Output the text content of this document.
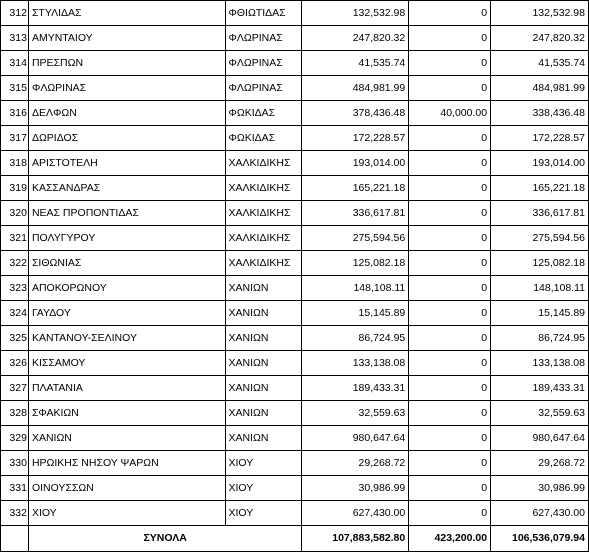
312	ΣΤΥΛΙΔΑΣ	ΦΘΙΩΤΙΔΑΣ	132,532.98	0	132,532.98
313	ΑΜΥΝΤΑΙΟΥ	ΦΛΩΡΙΝΑΣ	247,820.32	0	247,820.32
314	ΠΡΕΣΠΩΝ	ΦΛΩΡΙΝΑΣ	41,535.74	0	41,535.74
315	ΦΛΩΡΙΝΑΣ	ΦΛΩΡΙΝΑΣ	484,981.99	0	484,981.99
316	ΔΕΛΦΩΝ	ΦΩΚΙΔΑΣ	378,436.48	40,000.00	338,436.48
317	ΔΩΡΙΔΟΣ	ΦΩΚΙΔΑΣ	172,228.57	0	172,228.57
318	ΑΡΙΣΤΟΤΕΛΗ	ΧΑΛΚΙΔΙΚΗΣ	193,014.00	0	193,014.00
319	ΚΑΣΣΑΝΔΡΑΣ	ΧΑΛΚΙΔΙΚΗΣ	165,221.18	0	165,221.18
320	ΝΕΑΣ ΠΡΟΠΟΝΤΙΔΑΣ	ΧΑΛΚΙΔΙΚΗΣ	336,617.81	0	336,617.81
321	ΠΟΛΥΓΥΡΟΥ	ΧΑΛΚΙΔΙΚΗΣ	275,594.56	0	275,594.56
322	ΣΙΘΩΝΙΑΣ	ΧΑΛΚΙΔΙΚΗΣ	125,082.18	0	125,082.18
323	ΑΠΟΚΟΡΩΝΟΥ	ΧΑΝΙΩΝ	148,108.11	0	148,108.11
324	ΓΑΥΔΟΥ	ΧΑΝΙΩΝ	15,145.89	0	15,145.89
325	ΚΑΝΤΑΝΟΥ-ΣΕΛΙΝΟΥ	ΧΑΝΙΩΝ	86,724.95	0	86,724.95
326	ΚΙΣΣΑΜΟΥ	ΧΑΝΙΩΝ	133,138.08	0	133,138.08
327	ΠΛΑΤΑΝΙΑ	ΧΑΝΙΩΝ	189,433.31	0	189,433.31
328	ΣΦΑΚΙΩΝ	ΧΑΝΙΩΝ	32,559.63	0	32,559.63
329	ΧΑΝΙΩΝ	ΧΑΝΙΩΝ	980,647.64	0	980,647.64
330	ΗΡΩΙΚΗΣ ΝΗΣΟΥ ΨΑΡΩΝ	ΧΙΟΥ	29,268.72	0	29,268.72
331	ΟΙΝΟΥΣΣΩΝ	ΧΙΟΥ	30,986.99	0	30,986.99
332	ΧΙΟΥ	ΧΙΟΥ	627,430.00	0	627,430.00
	ΣΥΝΟΛΑ		107,883,582.80	423,200.00	106,536,079.94
